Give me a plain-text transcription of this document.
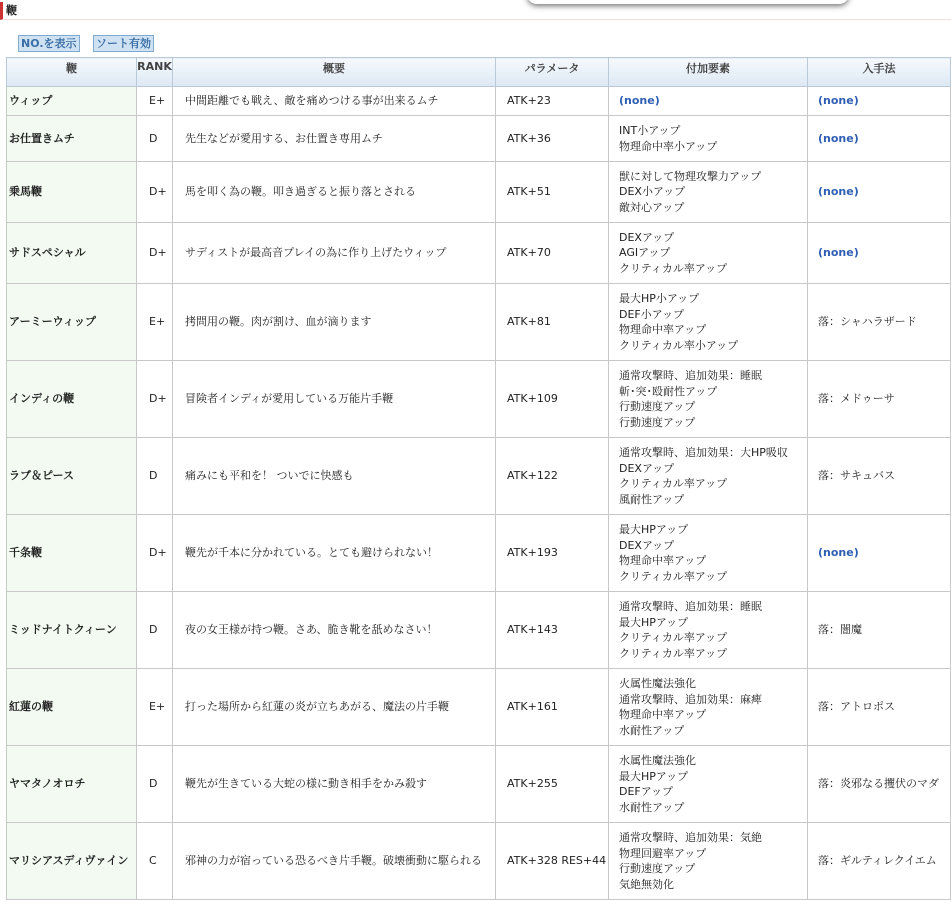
鞭
NO.を表示 ソート有効
鞭	RANK	概要	パラメータ	付加要素	入手法
ウィップ	E+	中間距離でも戦え、敵を痛めつける事が出来るムチ	ATK+23	(none)	(none)
お仕置きムチ	D	先生などが愛用する、お仕置き専用ムチ	ATK+36	INT小アップ
物理命中率小アップ	(none)
乗馬鞭	D+	馬を叩く為の鞭。叩き過ぎると振り落とされる	ATK+51	獣に対して物理攻撃力アップ
DEX小アップ
敵対心アップ	(none)
サドスペシャル	D+	サディストが最高音プレイの為に作り上げたウィップ	ATK+70	DEXアップ
AGIアップ
クリティカル率アップ	(none)
アーミーウィップ	E+	拷問用の鞭。肉が割け、血が滴ります	ATK+81	最大HP小アップ
DEF小アップ
物理命中率アップ
クリティカル率小アップ	落：シャハラザード
インディの鞭	D+	冒険者インディが愛用している万能片手鞭	ATK+109	通常攻撃時、追加効果：睡眠
斬･突･殴耐性アップ
行動速度アップ
行動速度アップ	落：メドゥーサ
ラブ＆ピース	D	痛みにも平和を！ ついでに快感も	ATK+122	通常攻撃時、追加効果：大HP吸収
DEXアップ
クリティカル率アップ
風耐性アップ	落：サキュバス
千条鞭	D+	鞭先が千本に分かれている。とても避けられない！	ATK+193	最大HPアップ
DEXアップ
物理命中率アップ
クリティカル率アップ	(none)
ミッドナイトクィーン	D	夜の女王様が持つ鞭。さあ、脆き靴を舐めなさい！	ATK+143	通常攻撃時、追加効果：睡眠
最大HPアップ
クリティカル率アップ
クリティカル率アップ	落：闇魔
紅蓮の鞭	E+	打った場所から紅蓮の炎が立ちあがる、魔法の片手鞭	ATK+161	火属性魔法強化
通常攻撃時、追加効果：麻痺
物理命中率アップ
水耐性アップ	落：アトロポス
ヤマタノオロチ	D	鞭先が生きている大蛇の様に動き相手をかみ殺す	ATK+255	水属性魔法強化
最大HPアップ
DEFアップ
水耐性アップ	落：炎邪なる攫伏のマダ
マリシアスディヴァイン	C	邪神の力が宿っている恐るべき片手鞭。破壊衝動に駆られる	ATK+328 RES+44	通常攻撃時、追加効果：気絶
物理回避率アップ
行動速度アップ
気絶無効化	落：ギルティレクイエム
